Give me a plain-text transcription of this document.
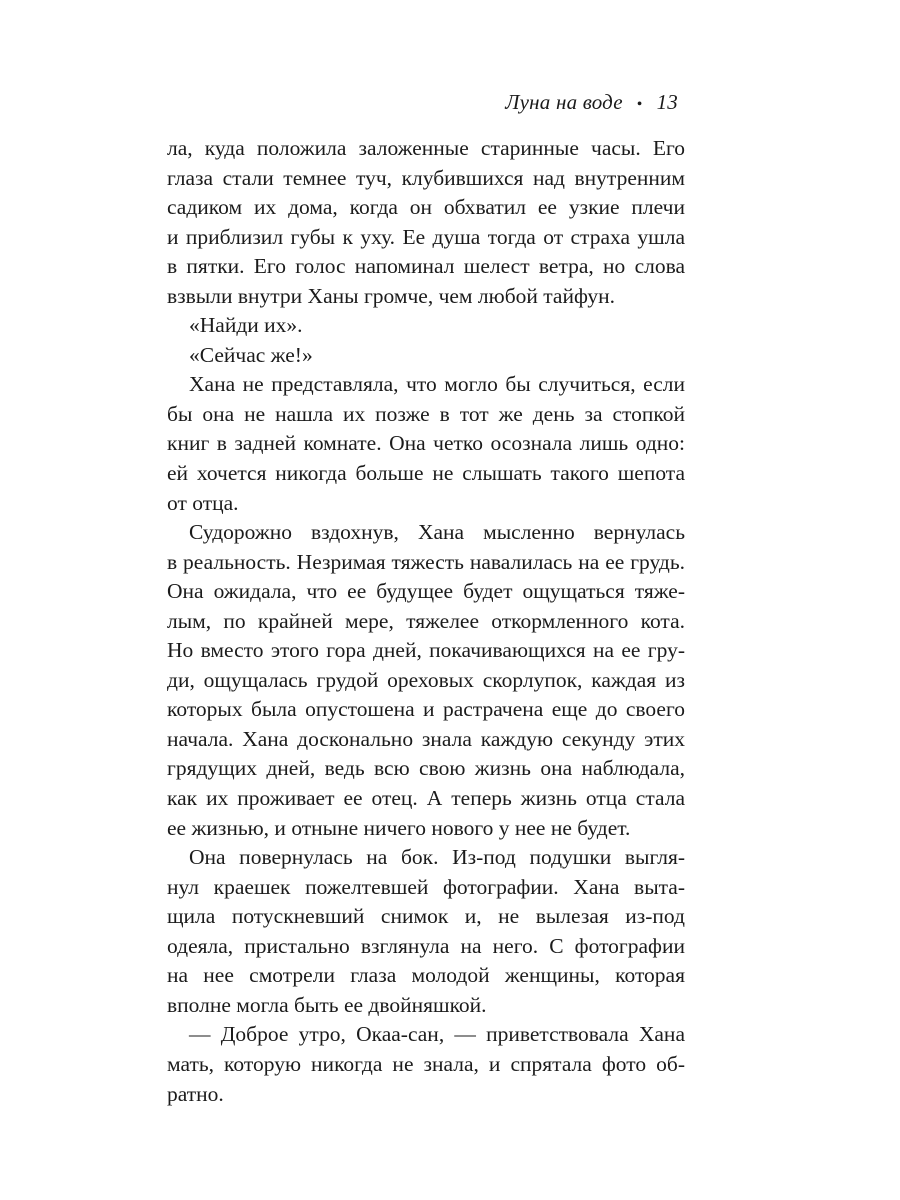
Луна на воде • 13
ла, куда положила заложенные старинные часы. Его
глаза стали темнее туч, клубившихся над внутренним
садиком их дома, когда он обхватил ее узкие плечи
и приблизил губы к уху. Ее душа тогда от страха ушла
в пятки. Его голос напоминал шелест ветра, но слова
взвыли внутри Ханы громче, чем любой тайфун.
«Найди их».
«Сейчас же!»
Хана не представляла, что могло бы случиться, если
бы она не нашла их позже в тот же день за стопкой
книг в задней комнате. Она четко осознала лишь одно:
ей хочется никогда больше не слышать такого шепота
от отца.
Судорожно вздохнув, Хана мысленно вернулась
в реальность. Незримая тяжесть навалилась на ее грудь.
Она ожидала, что ее будущее будет ощущаться тяже-
лым, по крайней мере, тяжелее откормленного кота.
Но вместо этого гора дней, покачивающихся на ее гру-
ди, ощущалась грудой ореховых скорлупок, каждая из
которых была опустошена и растрачена еще до своего
начала. Хана досконально знала каждую секунду этих
грядущих дней, ведь всю свою жизнь она наблюдала,
как их проживает ее отец. А теперь жизнь отца стала
ее жизнью, и отныне ничего нового у нее не будет.
Она повернулась на бок. Из-под подушки выгля-
нул краешек пожелтевшей фотографии. Хана выта-
щила потускневший снимок и, не вылезая из-под
одеяла, пристально взглянула на него. С фотографии
на нее смотрели глаза молодой женщины, которая
вполне могла быть ее двойняшкой.
— Доброе утро, Окаа-сан, — приветствовала Хана
мать, которую никогда не знала, и спрятала фото об-
ратно.
